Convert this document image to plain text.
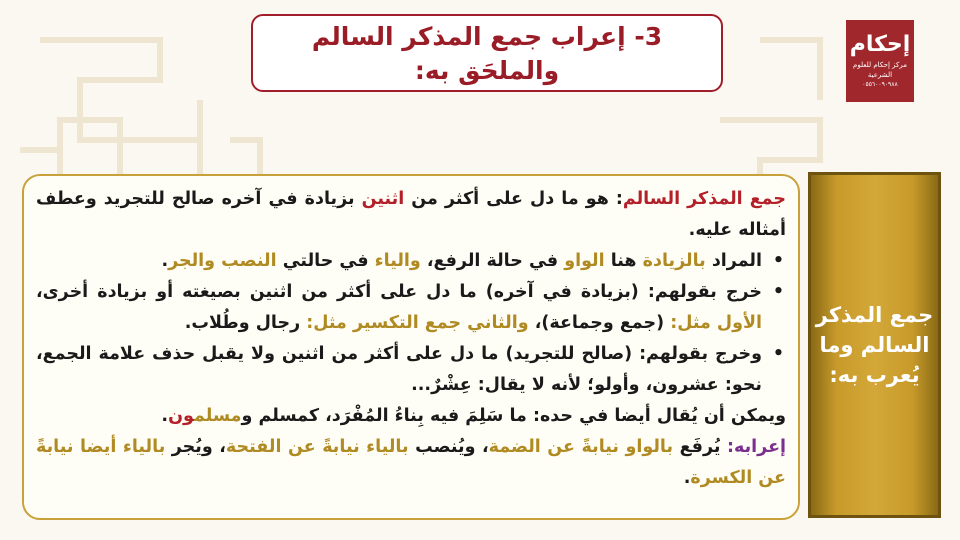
3- إعراب جمع المذكر السالم
والملحَق به:
إحكام
مركز إحكام للعلوم الشرعية
٠٥٥٦٠٠٩٠٩٨٨

جمع المذكر السالم: هو ما دل على أكثر من اثنين بزيادة في آخره صالح للتجريد وعطف أمثاله عليه.

• المراد بالزيادة هنا الواو في حالة الرفع، والياء في حالتي النصب والجر.
• خرج بقولهم: (بزيادة في آخره) ما دل على أكثر من اثنين بصيغته أو بزيادة أخرى، الأول مثل: (جمع وجماعة)، والثاني جمع التكسير مثل: رجال وطُلاب.
• وخرج بقولهم: (صالح للتجريد) ما دل على أكثر من اثنين ولا يقبل حذف علامة الجمع، نحو: عشرون، وأولو؛ لأنه لا يقال: عِشْرٌ...

ويمكن أن يُقال أيضا في حده: ما سَلِمَ فيه بِناءُ المُفْرَد، كمسلم ومسلمون.

إعرابه: يُرفَع بالواو نيابةً عن الضمة، ويُنصب بالياء نيابةً عن الفتحة، ويُجر بالياء أيضا نيابةً عن الكسرة.

جمع المذكر السالم وما يُعرب به:
